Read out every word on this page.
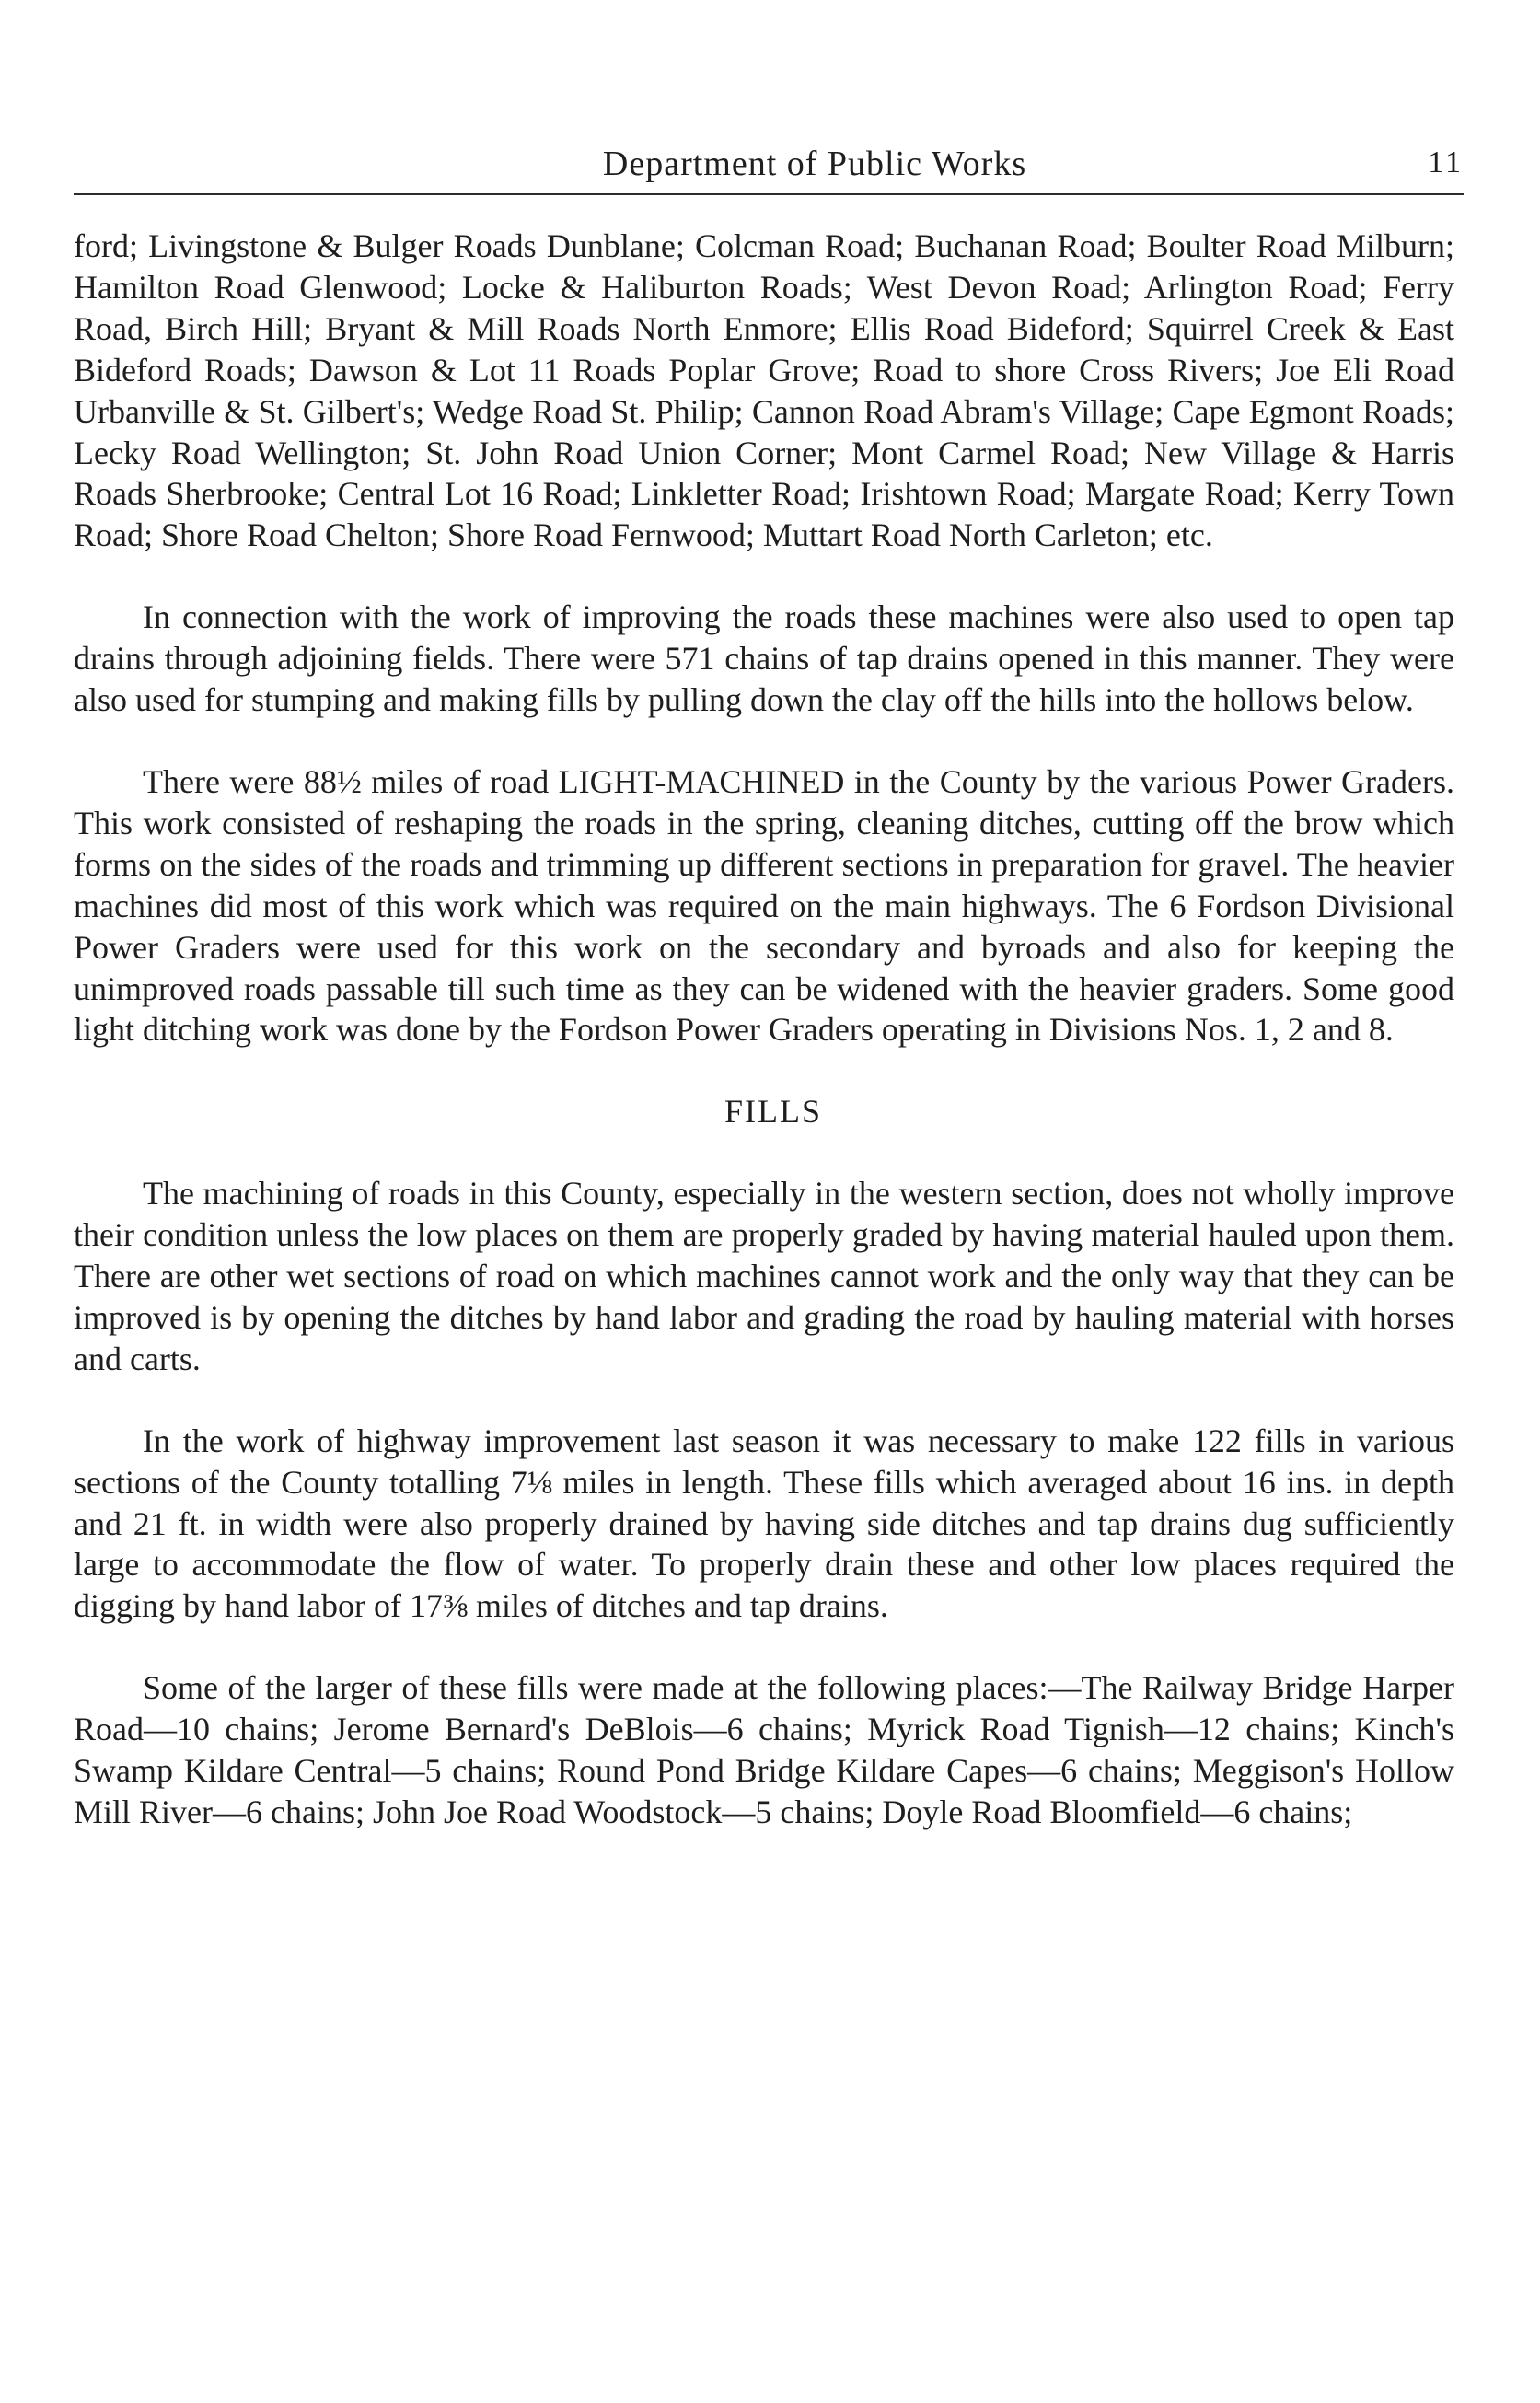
Department of Public Works	11

ford; Livingstone & Bulger Roads Dunblane; Colcman Road; Buchanan Road; Boulter Road Milburn; Hamilton Road Glenwood; Locke & Haliburton Roads; West Devon Road; Arlington Road; Ferry Road, Birch Hill; Bryant & Mill Roads North Enmore; Ellis Road Bideford; Squirrel Creek & East Bideford Roads; Dawson & Lot 11 Roads Poplar Grove; Road to shore Cross Rivers; Joe Eli Road Urbanville & St. Gilbert's; Wedge Road St. Philip; Cannon Road Abram's Village; Cape Egmont Roads; Lecky Road Wellington; St. John Road Union Corner; Mont Carmel Road; New Village & Harris Roads Sherbrooke; Central Lot 16 Road; Linkletter Road; Irishtown Road; Margate Road; Kerry Town Road; Shore Road Chelton; Shore Road Fernwood; Muttart Road North Carleton; etc.

In connection with the work of improving the roads these machines were also used to open tap drains through adjoining fields. There were 571 chains of tap drains opened in this manner. They were also used for stumping and making fills by pulling down the clay off the hills into the hollows below.

There were 88½ miles of road LIGHT-MACHINED in the County by the various Power Graders. This work consisted of reshaping the roads in the spring, cleaning ditches, cutting off the brow which forms on the sides of the roads and trimming up different sections in preparation for gravel. The heavier machines did most of this work which was required on the main highways. The 6 Fordson Divisional Power Graders were used for this work on the secondary and byroads and also for keeping the unimproved roads passable till such time as they can be widened with the heavier graders. Some good light ditching work was done by the Fordson Power Graders operating in Divisions Nos. 1, 2 and 8.

FILLS

The machining of roads in this County, especially in the western section, does not wholly improve their condition unless the low places on them are properly graded by having material hauled upon them. There are other wet sections of road on which machines cannot work and the only way that they can be improved is by opening the ditches by hand labor and grading the road by hauling material with horses and carts.

In the work of highway improvement last season it was necessary to make 122 fills in various sections of the County totalling 7⅛ miles in length. These fills which averaged about 16 ins. in depth and 21 ft. in width were also properly drained by having side ditches and tap drains dug sufficiently large to accommodate the flow of water. To properly drain these and other low places required the digging by hand labor of 17⅜ miles of ditches and tap drains.

Some of the larger of these fills were made at the following places:—The Railway Bridge Harper Road—10 chains; Jerome Bernard's DeBlois—6 chains; Myrick Road Tignish—12 chains; Kinch's Swamp Kildare Central—5 chains; Round Pond Bridge Kildare Capes—6 chains; Meggison's Hollow Mill River—6 chains; John Joe Road Woodstock—5 chains; Doyle Road Bloomfield—6 chains;
